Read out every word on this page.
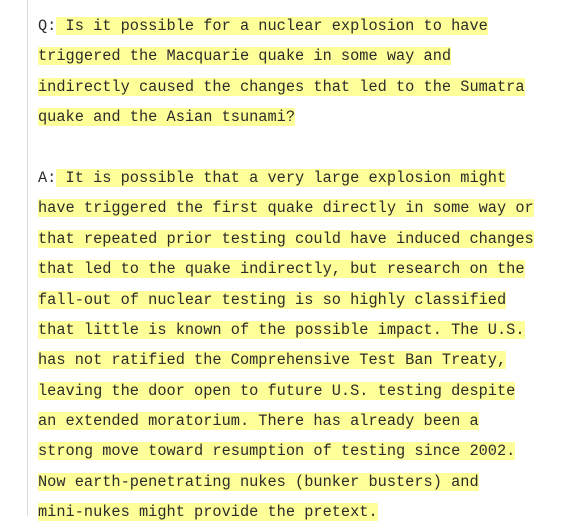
Q: Is it possible for a nuclear explosion to have
triggered the Macquarie quake in some way and
indirectly caused the changes that led to the Sumatra
quake and the Asian tsunami?
A: It is possible that a very large explosion might
have triggered the first quake directly in some way or
that repeated prior testing could have induced changes
that led to the quake indirectly, but research on the
fall-out of nuclear testing is so highly classified
that little is known of the possible impact. The U.S.
has not ratified the Comprehensive Test Ban Treaty,
leaving the door open to future U.S. testing despite
an extended moratorium. There has already been a
strong move toward resumption of testing since 2002.
Now earth-penetrating nukes (bunker busters) and
mini-nukes might provide the pretext.
